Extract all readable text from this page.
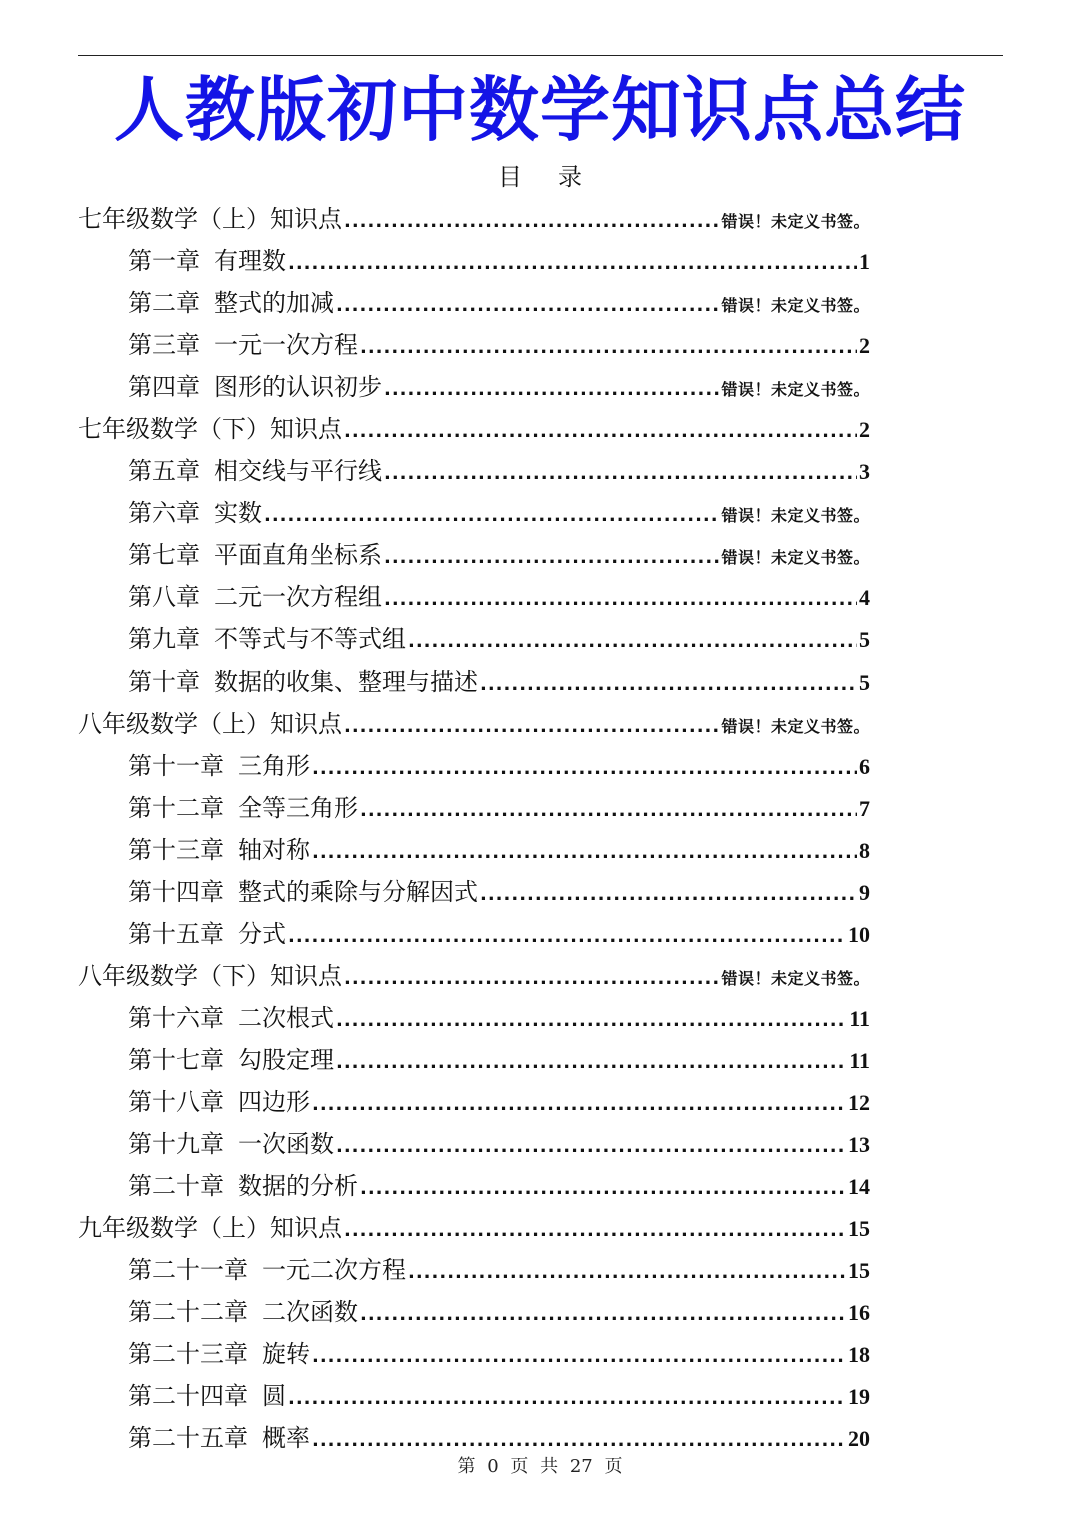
人教版初中数学知识点总结
目录
七年级数学（上）知识点 .....	错误！未定义书签。
第一章 有理数 .....	1
第二章 整式的加减 .....	错误！未定义书签。
第三章 一元一次方程 .....	2
第四章 图形的认识初步 .....	错误！未定义书签。
七年级数学（下）知识点 .....	2
第五章 相交线与平行线 .....	3
第六章 实数 .....	错误！未定义书签。
第七章 平面直角坐标系 .....	错误！未定义书签。
第八章 二元一次方程组 .....	4
第九章 不等式与不等式组 .....	5
第十章 数据的收集、整理与描述 .....	5
八年级数学（上）知识点 .....	错误！未定义书签。
第十一章 三角形 .....	6
第十二章 全等三角形 .....	7
第十三章 轴对称 .....	8
第十四章 整式的乘除与分解因式 .....	9
第十五章 分式 .....	10
八年级数学（下）知识点 .....	错误！未定义书签。
第十六章 二次根式 .....	11
第十七章 勾股定理 .....	11
第十八章 四边形 .....	12
第十九章 一次函数 .....	13
第二十章 数据的分析 .....	14
九年级数学（上）知识点 .....	15
第二十一章 一元二次方程 .....	15
第二十二章 二次函数 .....	16
第二十三章 旋转 .....	18
第二十四章 圆 .....	19
第二十五章 概率 .....	20
第 0 页 共 27 页
